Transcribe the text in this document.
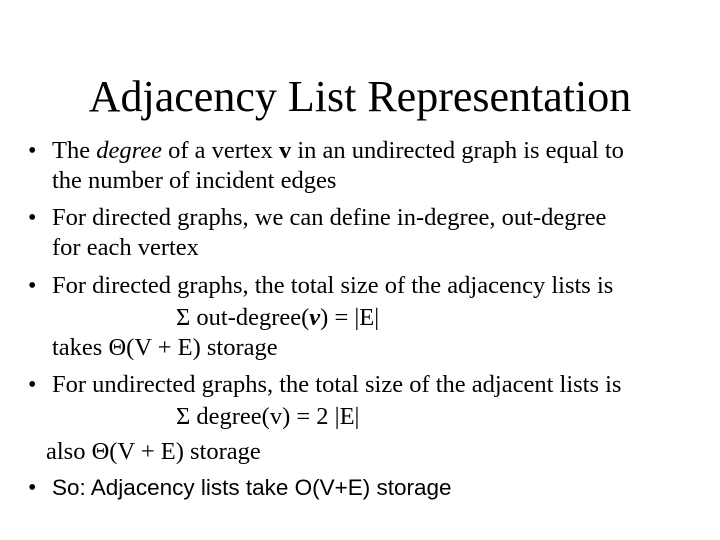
Adjacency List Representation
• The degree of a vertex v in an undirected graph is equal to
the number of incident edges
• For directed graphs, we can define in-degree, out-degree
for each vertex
• For directed graphs, the total size of the adjacency lists is
Σ out-degree(v) = |E|
takes Θ(V + E) storage
• For undirected graphs, the total size of the adjacent lists is
Σ degree(v) = 2 |E|
also Θ(V + E) storage
• So: Adjacency lists take O(V+E) storage
